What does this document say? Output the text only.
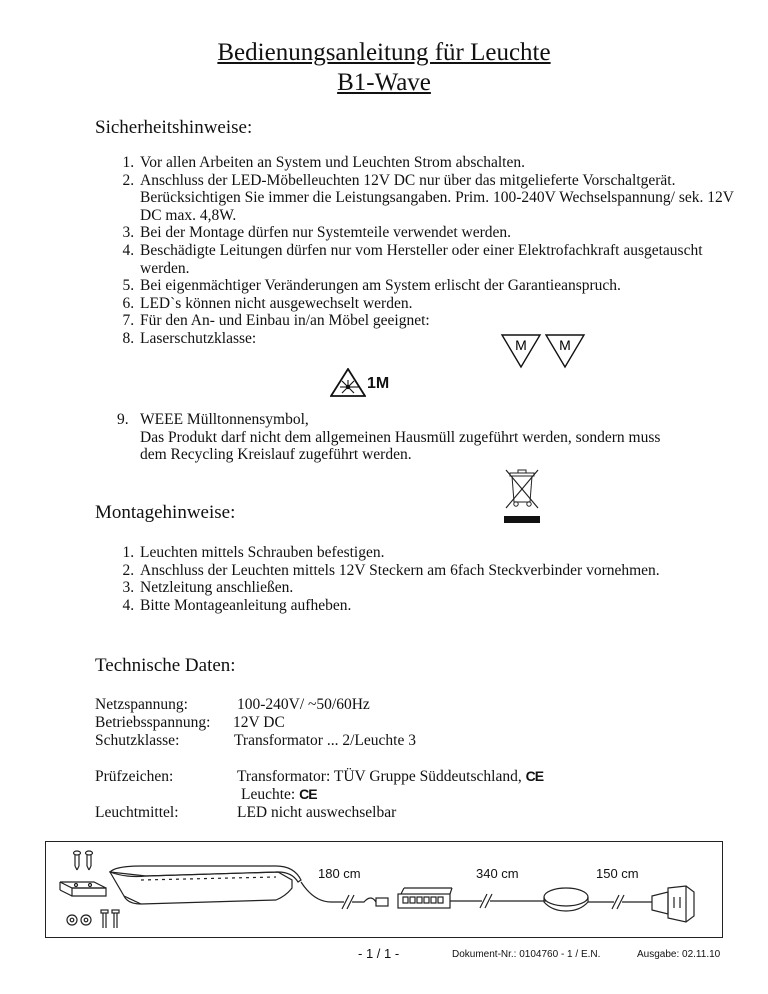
Bedienungsanleitung für Leuchte
B1-Wave
Sicherheitshinweise:
1. Vor allen Arbeiten an System und Leuchten Strom abschalten.
2. Anschluss der LED-Möbelleuchten 12V DC nur über das mitgelieferte Vorschaltgerät. Berücksichtigen Sie immer die Leistungsangaben. Prim. 100-240V Wechselspannung/ sek. 12V DC max. 4,8W.
3. Bei der Montage dürfen nur Systemteile verwendet werden.
4. Beschädigte Leitungen dürfen nur vom Hersteller oder einer Elektrofachkraft ausgetauscht werden.
5. Bei eigenmächtiger Veränderungen am System erlischt der Garantieanspruch.
6. LED`s können nicht ausgewechselt werden.
7. Für den An- und Einbau in/an Möbel geeignet:
8. Laserschutzklasse:	M M
1M
9. WEEE Mülltonnensymbol,
Das Produkt darf nicht dem allgemeinen Hausmüll zugeführt werden, sondern muss dem Recycling Kreislauf zugeführt werden.
Montagehinweise:
1. Leuchten mittels Schrauben befestigen.
2. Anschluss der Leuchten mittels 12V Steckern am 6fach Steckverbinder vornehmen.
3. Netzleitung anschließen.
4. Bitte Montageanleitung aufheben.
Technische Daten:
Netzspannung:	100-240V/ ~50/60Hz
Betriebsspannung: 12V DC
Schutzklasse:	Transformator ... 2/Leuchte 3
Prüfzeichen:	Transformator: TÜV Gruppe Süddeutschland, CE
Leuchte: CE
Leuchtmittel:	LED nicht auswechselbar
180 cm	340 cm	150 cm
- 1 / 1 -	Dokument-Nr.: 0104760 - 1 / E.N.	Ausgabe: 02.11.10
